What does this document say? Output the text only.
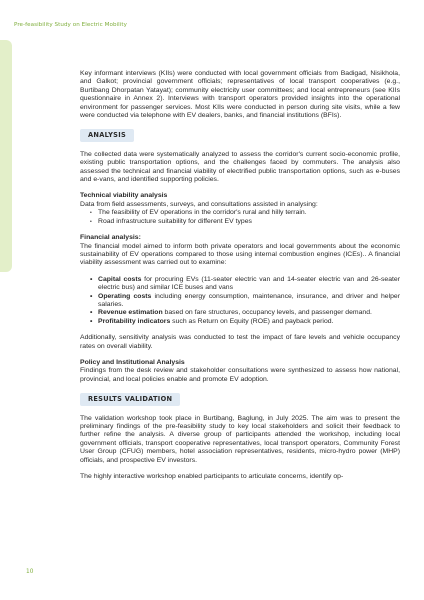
Pre-feasibility Study on Electric Mobility

Key informant interviews (KIIs) were conducted with local government officials from Badigad, Nisikhola, and Galkot; provincial government officials; representatives of local transport cooperatives (e.g., Burtibang Dhorpatan Yatayat); community electricity user committees; and local entrepreneurs (see KIIs questionnaire in Annex 2). Interviews with transport operators provided insights into the operational environment for passenger services. Most KIIs were conducted in person during site visits, while a few were conducted via telephone with EV dealers, banks, and financial institutions (BFIs).

ANALYSIS

The collected data were systematically analyzed to assess the corridor's current socio-economic profile, existing public transportation options, and the challenges faced by commuters. The analysis also assessed the technical and financial viability of electrified public transportation options, such as e-buses and e-vans, and identified supporting policies.

Technical viability analysis

Data from field assessments, surveys, and consultations assisted in analysing:

• The feasibility of EV operations in the corridor's rural and hilly terrain.
• Road infrastructure suitability for different EV types
Financial analysis:

The financial model aimed to inform both private operators and local governments about the economic sustainability of EV operations compared to those using internal combustion engines (ICEs).. A financial viability assessment was carried out to examine:

• Capital costs for procuring EVs (11-seater electric van and 14-seater electric van and 26-seater electric bus) and similar ICE buses and vans
• Operating costs including energy consumption, maintenance, insurance, and driver and helper salaries.
• Revenue estimation based on fare structures, occupancy levels, and passenger demand.
• Profitability indicators such as Return on Equity (ROE) and payback period.

Additionally, sensitivity analysis was conducted to test the impact of fare levels and vehicle occupancy rates on overall viability.

Policy and Institutional Analysis

Findings from the desk review and stakeholder consultations were synthesized to assess how national, provincial, and local policies enable and promote EV adoption.

RESULTS VALIDATION

The validation workshop took place in Burtibang, Baglung, in July 2025. The aim was to present the preliminary findings of the pre-feasibility study to key local stakeholders and solicit their feedback to further refine the analysis. A diverse group of participants attended the workshop, including local government officials, transport cooperative representatives, local transport operators, Community Forest User Group (CFUG) members, hotel association representatives, residents, micro-hydro power (MHP) officials, and prospective EV investors.

The highly interactive workshop enabled participants to articulate concerns, identify op-

10
